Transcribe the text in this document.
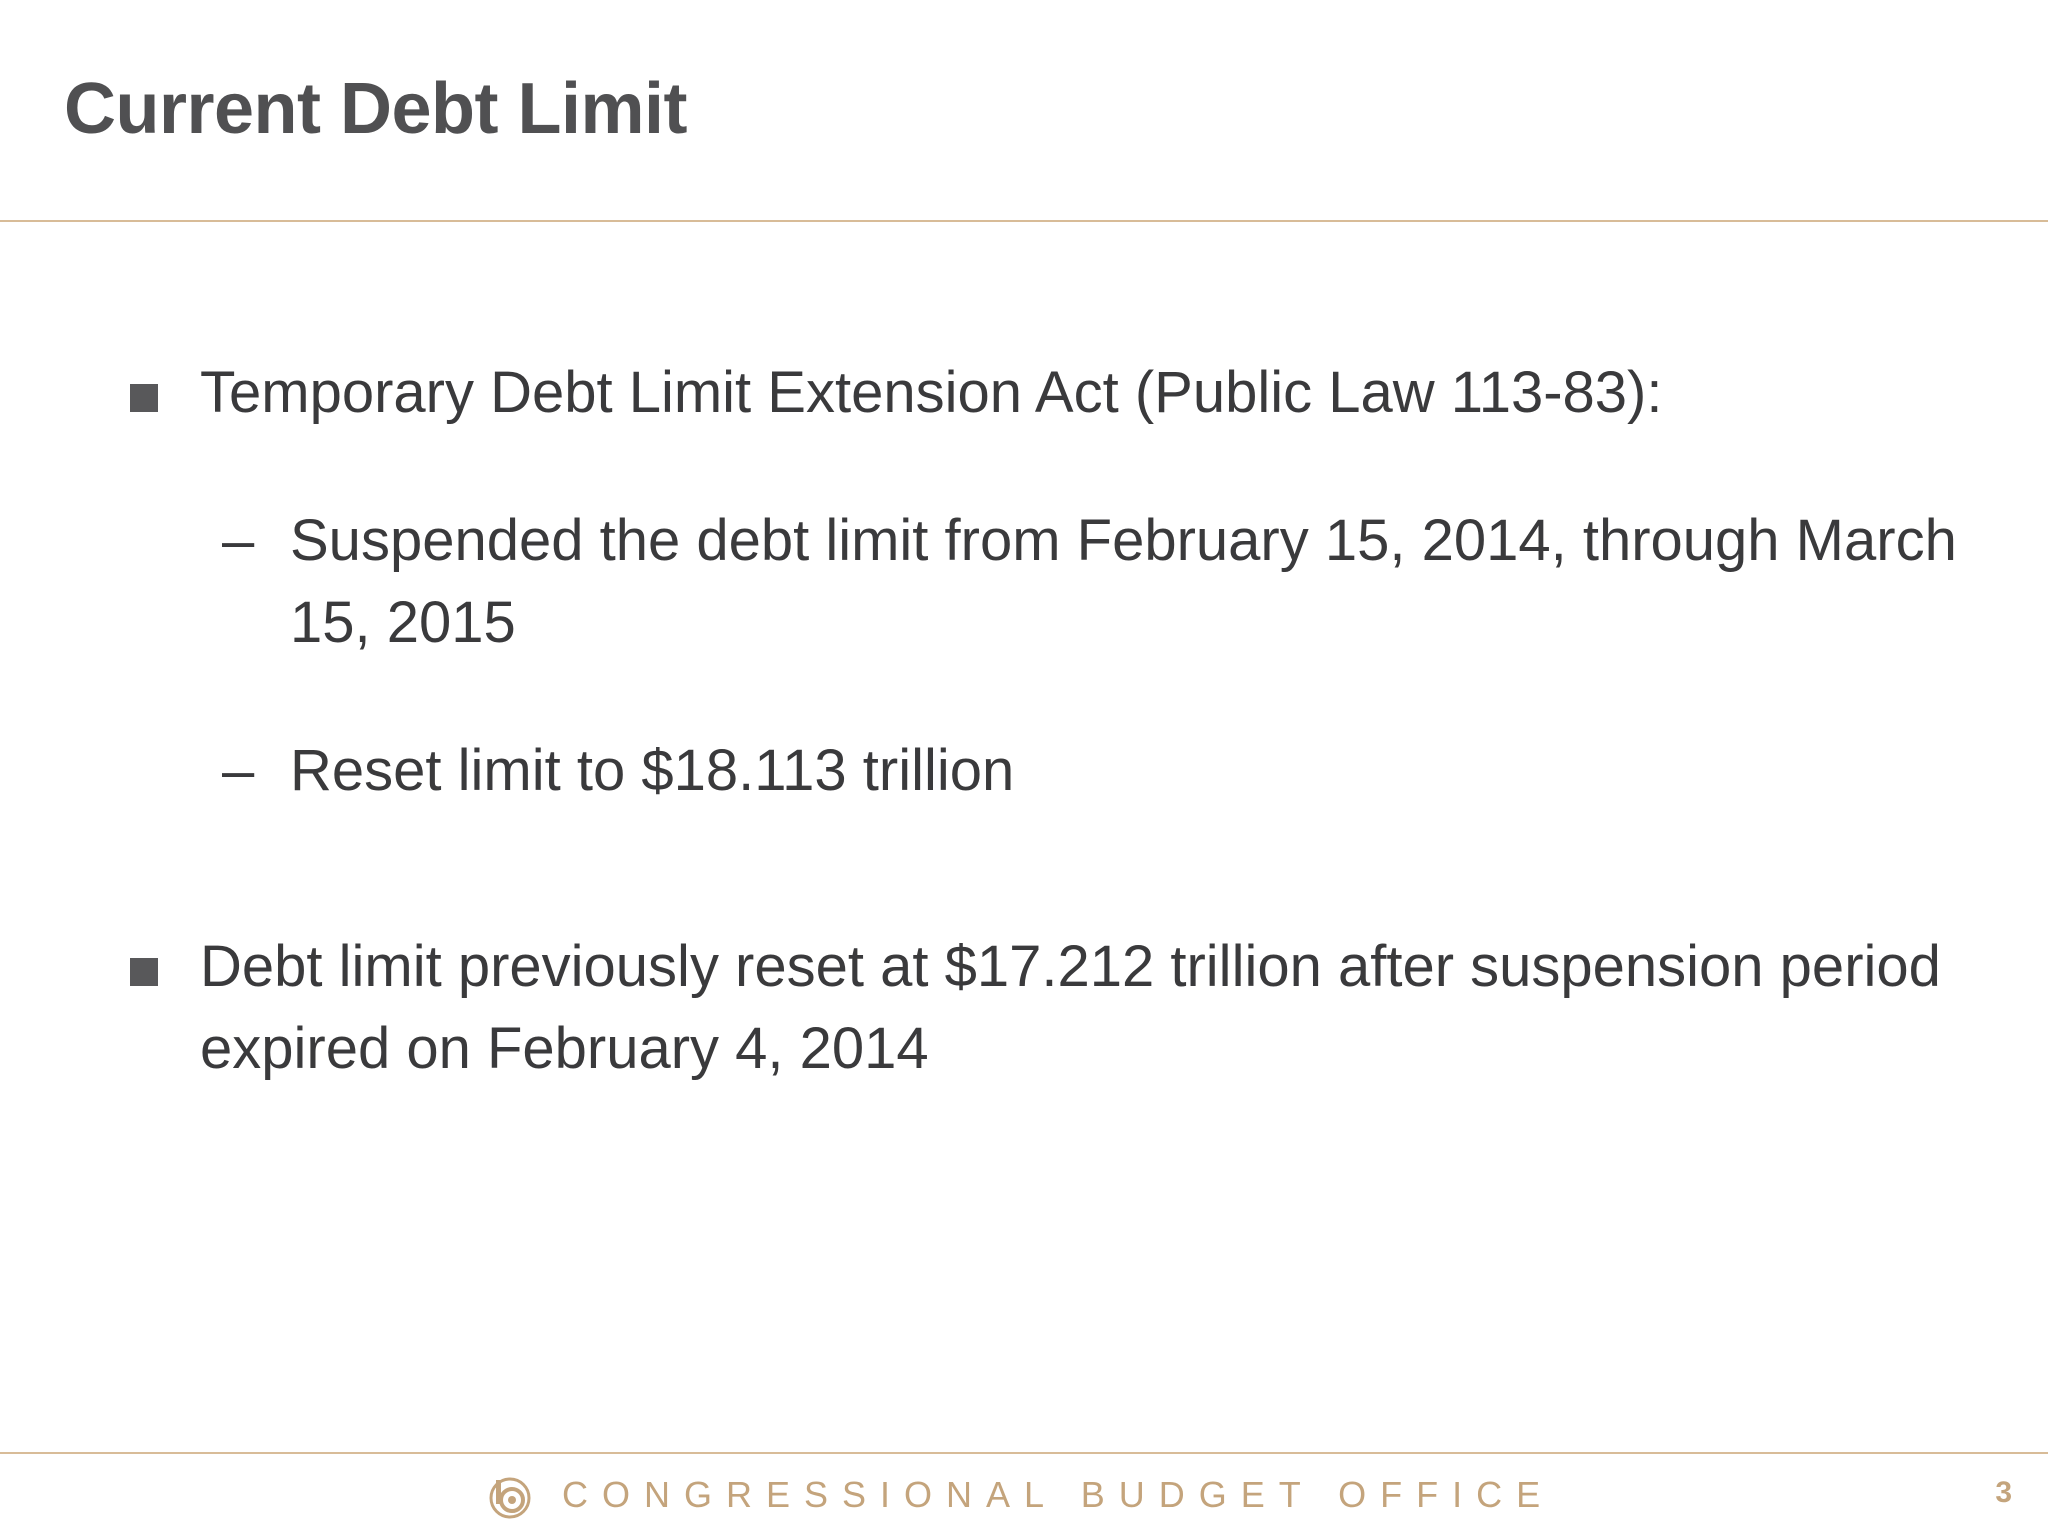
Current Debt Limit
Temporary Debt Limit Extension Act (Public Law 113-83):
– Suspended the debt limit from February 15, 2014, through March 15, 2015
– Reset limit to $18.113 trillion
Debt limit previously reset at $17.212 trillion after suspension period expired on February 4, 2014
CONGRESSIONAL BUDGET OFFICE	3
